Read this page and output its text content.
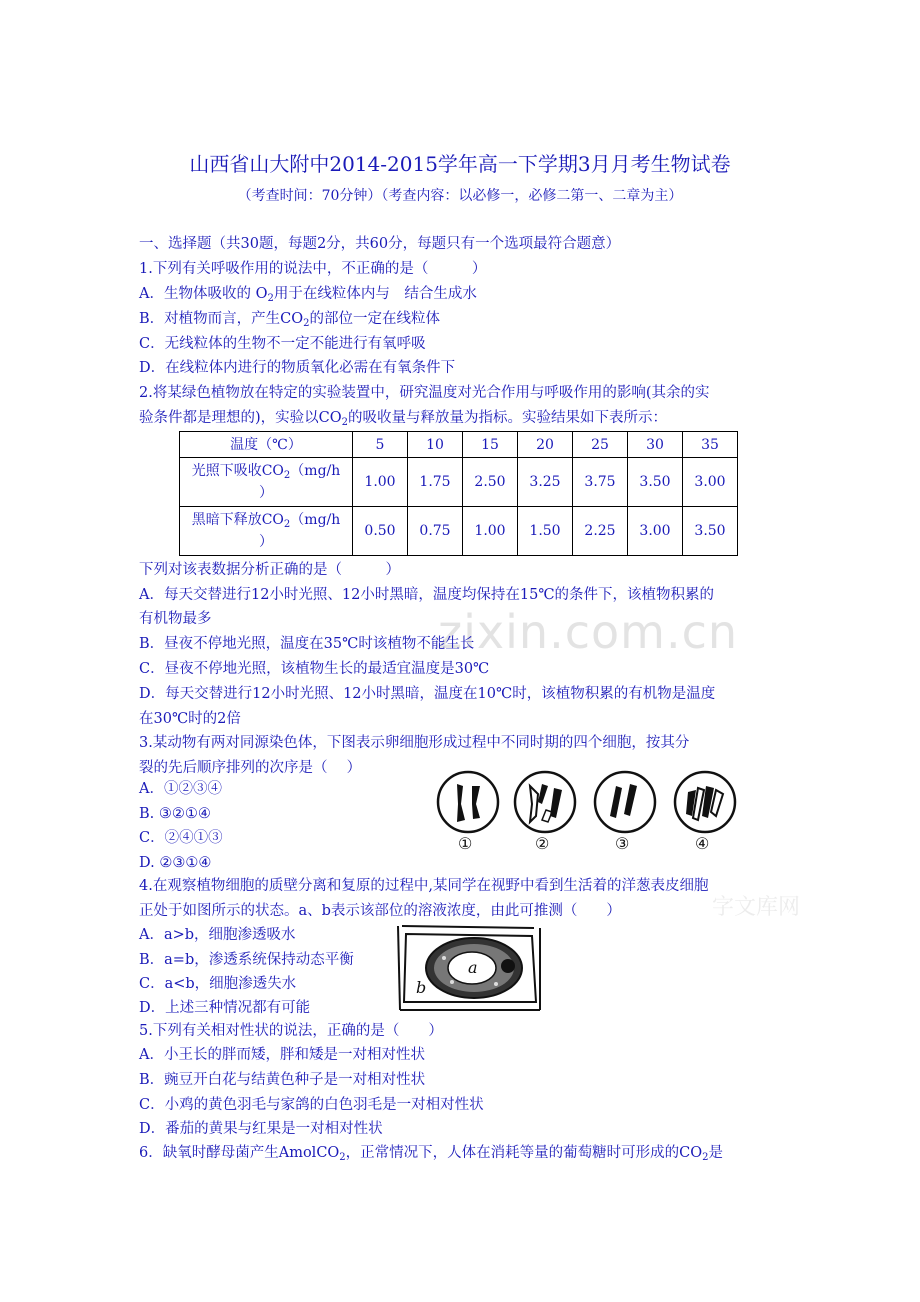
zixin.com.cn
字文库网
山西省山大附中2014-2015学年高一下学期3月月考生物试卷
（考查时间：70分钟）（考查内容：以必修一，必修二第一、二章为主）
一、选择题（共30题，每题2分，共60分，每题只有一个选项最符合题意）
1.下列有关呼吸作用的说法中，不正确的是（　　　）
A．生物体吸收的 $O_2$用于在线粒体内与　结合生成水
B．对植物而言，产生$CO_2$的部位一定在线粒体
C．无线粒体的生物不一定不能进行有氧呼吸
D．在线粒体内进行的物质氧化必需在有氧条件下
2.将某绿色植物放在特定的实验装置中，研究温度对光合作用与呼吸作用的影响(其余的实
验条件都是理想的)，实验以$CO_2$的吸收量与释放量为指标。实验结果如下表所示：
温度（℃）	5	10	15	20	25	30	35
光照下吸收$CO_2(mg/h$
）	1.00	1.75	2.50	3.25	3.75	3.50	3.00
黑暗下释放$CO_2(mg/h$
）	0.50	0.75	1.00	1.50	2.25	3.00	3.50
下列对该表数据分析正确的是（　　　）
A．每天交替进行12小时光照、12小时黑暗，温度均保持在15℃的条件下，该植物积累的
有机物最多
B．昼夜不停地光照，温度在35℃时该植物不能生长
C．昼夜不停地光照，该植物生长的最适宜温度是30℃
D．每天交替进行12小时光照、12小时黑暗，温度在10℃时，该植物积累的有机物是温度
在30℃时的2倍
3.某动物有两对同源染色体，下图表示卵细胞形成过程中不同时期的四个细胞，按其分
裂的先后顺序排列的次序是（　 ）
A．①②③④
B. ③②①④
C．②④①③
D. ②③①④
①	②	③	④
4.在观察植物细胞的质壁分离和复原的过程中,某同学在视野中看到生活着的洋葱表皮细胞
正处于如图所示的状态。a、b表示该部位的溶液浓度，由此可推测（　　）
A．a>b，细胞渗透吸水
B．a=b，渗透系统保持动态平衡
C．a<b，细胞渗透失水
D．上述三种情况都有可能
a
b
5.下列有关相对性状的说法，正确的是（　　）
A．小王长的胖而矮，胖和矮是一对相对性状
B．豌豆开白花与结黄色种子是一对相对性状
C．小鸡的黄色羽毛与家鸽的白色羽毛是一对相对性状
D．番茄的黄果与红果是一对相对性状
6．缺氧时酵母菌产生AmolCO$_2$，正常情况下，人体在消耗等量的葡萄糖时可形成的$CO_2$是
